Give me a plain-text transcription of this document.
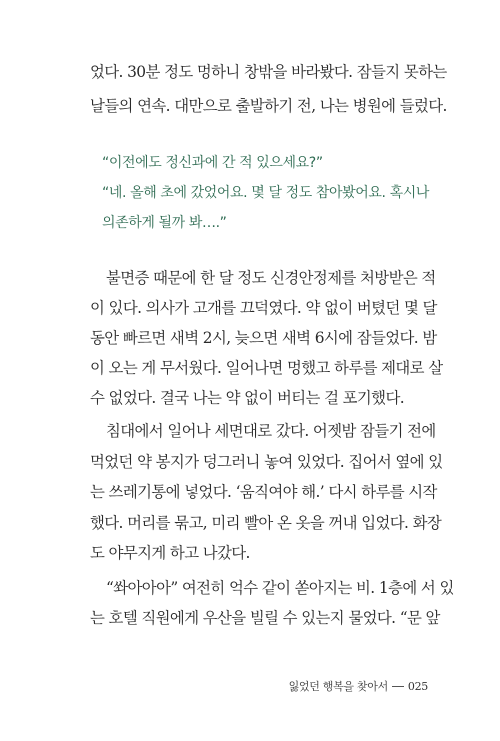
었다. 30분 정도 멍하니 창밖을 바라봤다. 잠들지 못하는
날들의 연속. 대만으로 출발하기 전, 나는 병원에 들렀다.
“이전에도 정신과에 간 적 있으세요?”
“네. 올해 초에 갔었어요. 몇 달 정도 참아봤어요. 혹시나
의존하게 될까 봐….”
불면증 때문에 한 달 정도 신경안정제를 처방받은 적
이 있다. 의사가 고개를 끄덕였다. 약 없이 버텼던 몇 달
동안 빠르면 새벽 2시, 늦으면 새벽 6시에 잠들었다. 밤
이 오는 게 무서웠다. 일어나면 멍했고 하루를 제대로 살
수 없었다. 결국 나는 약 없이 버티는 걸 포기했다.
침대에서 일어나 세면대로 갔다. 어젯밤 잠들기 전에
먹었던 약 봉지가 덩그러니 놓여 있었다. 집어서 옆에 있
는 쓰레기통에 넣었다. ‘움직여야 해.’ 다시 하루를 시작
했다. 머리를 묶고, 미리 빨아 온 옷을 꺼내 입었다. 화장
도 야무지게 하고 나갔다.
“쏴아아아” 여전히 억수 같이 쏟아지는 비. 1층에 서 있
는 호텔 직원에게 우산을 빌릴 수 있는지 물었다. “문 앞
잃었던 행복을 찾아서 025
